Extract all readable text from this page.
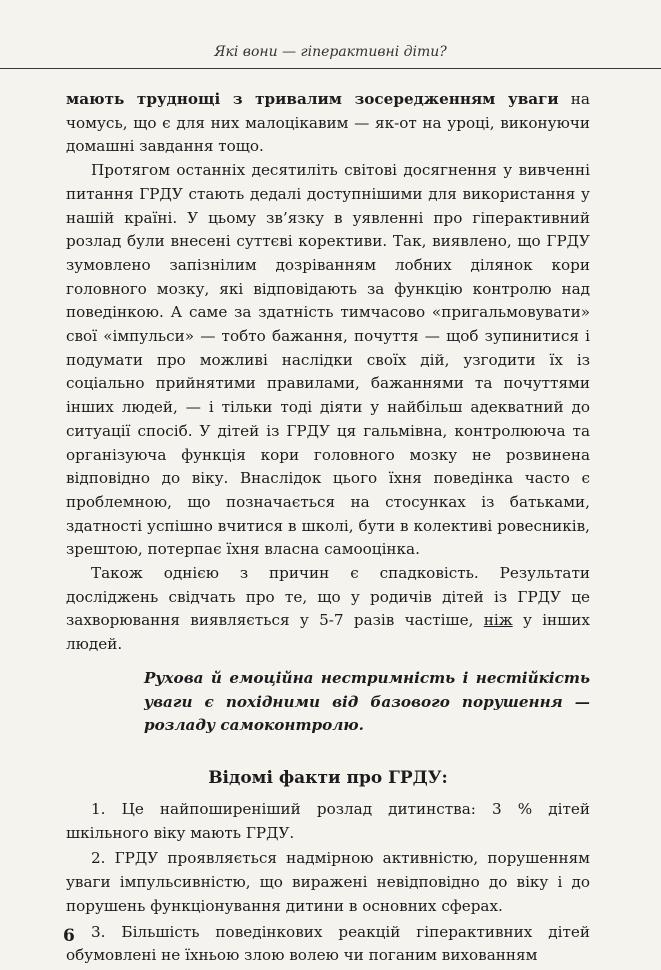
Які вони — гіперактивні діти?

мають труднощі з тривалим зосередженням уваги на чомусь, що є для них малоцікавим — як-от на уроці, виконуючи домашні завдання тощо.

Протягом останніх десятиліть світові досягнення у вивченні питання ГРДУ стають дедалі доступнішими для використання у нашій країні. У цьому зв’язку в уявленні про гіперактивний розлад були внесені суттєві корективи. Так, виявлено, що ГРДУ зумовлено запізнілим дозріванням лобних ділянок кори головного мозку, які відповідають за функцію контролю над поведінкою. А саме за здатність тимчасово «пригальмовувати» свої «імпульси» — тобто бажання, почуття — щоб зупинитися і подумати про можливі наслідки своїх дій, узгодити їх із соціально прийнятими правилами, бажаннями та почуттями інших людей, — і тільки тоді діяти у найбільш адекватний до ситуації спосіб. У дітей із ГРДУ ця гальмівна, контролююча та організуюча функція кори головного мозку не розвинена відповідно до віку. Внаслідок цього їхня поведінка часто є проблемною, що позначається на стосунках із батьками, здатності успішно вчитися в школі, бути в колективі ровесників, зрештою, потерпає їхня власна самооцінка.

Також однією з причин є спадковість. Результати досліджень свідчать про те, що у родичів дітей із ГРДУ це захворювання виявляється у 5-7 разів частіше, ніж у інших людей.

Рухова й емоційна нестримність і нестійкість уваги є похідними від базового порушення — розладу самоконтролю.

Відомі факти про ГРДУ:

1. Це найпоширеніший розлад дитинства: 3 % дітей шкільного віку мають ГРДУ.

2. ГРДУ проявляється надмірною активністю, порушенням уваги імпульсивністю, що виражені невідповідно до віку і до порушень функціонування дитини в основних сферах.

3. Більшість поведінкових реакцій гіперактивних дітей обумовлені не їхньою злою волею чи поганим вихованням

6
